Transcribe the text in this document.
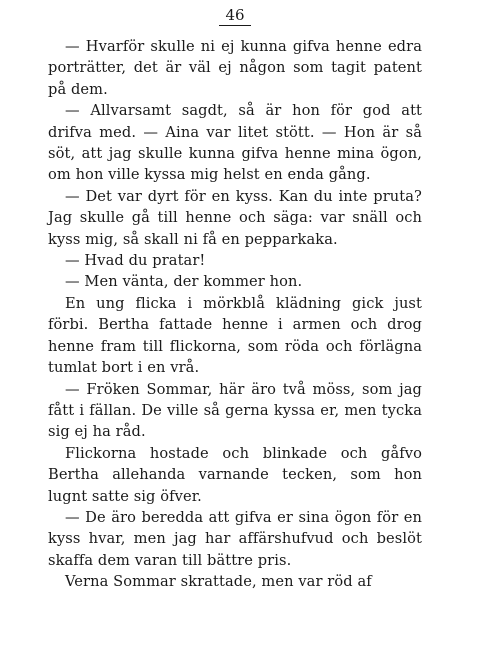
46

— Hvarför skulle ni ej kunna gifva henne edra porträtter, det är väl ej någon som tagit patent på dem.

— Allvarsamt sagdt, så är hon för god att drifva med. — Aina var litet stött. — Hon är så söt, att jag skulle kunna gifva henne mina ögon, om hon ville kyssa mig helst en enda gång.

— Det var dyrt för en kyss. Kan du inte pruta? Jag skulle gå till henne och säga: var snäll och kyss mig, så skall ni få en pepparkaka.

— Hvad du pratar!

— Men vänta, der kommer hon.

En ung flicka i mörkblå klädning gick just förbi. Bertha fattade henne i armen och drog henne fram till flickorna, som röda och förlägna tumlat bort i en vrå.

— Fröken Sommar, här äro två möss, som jag fått i fällan. De ville så gerna kyssa er, men tycka sig ej ha råd.

Flickorna hostade och blinkade och gåfvo Bertha allehanda varnande tecken, som hon lugnt satte sig öfver.

— De äro beredda att gifva er sina ögon för en kyss hvar, men jag har affärshufvud och beslöt skaffa dem varan till bättre pris.

Verna Sommar skrattade, men var röd af
